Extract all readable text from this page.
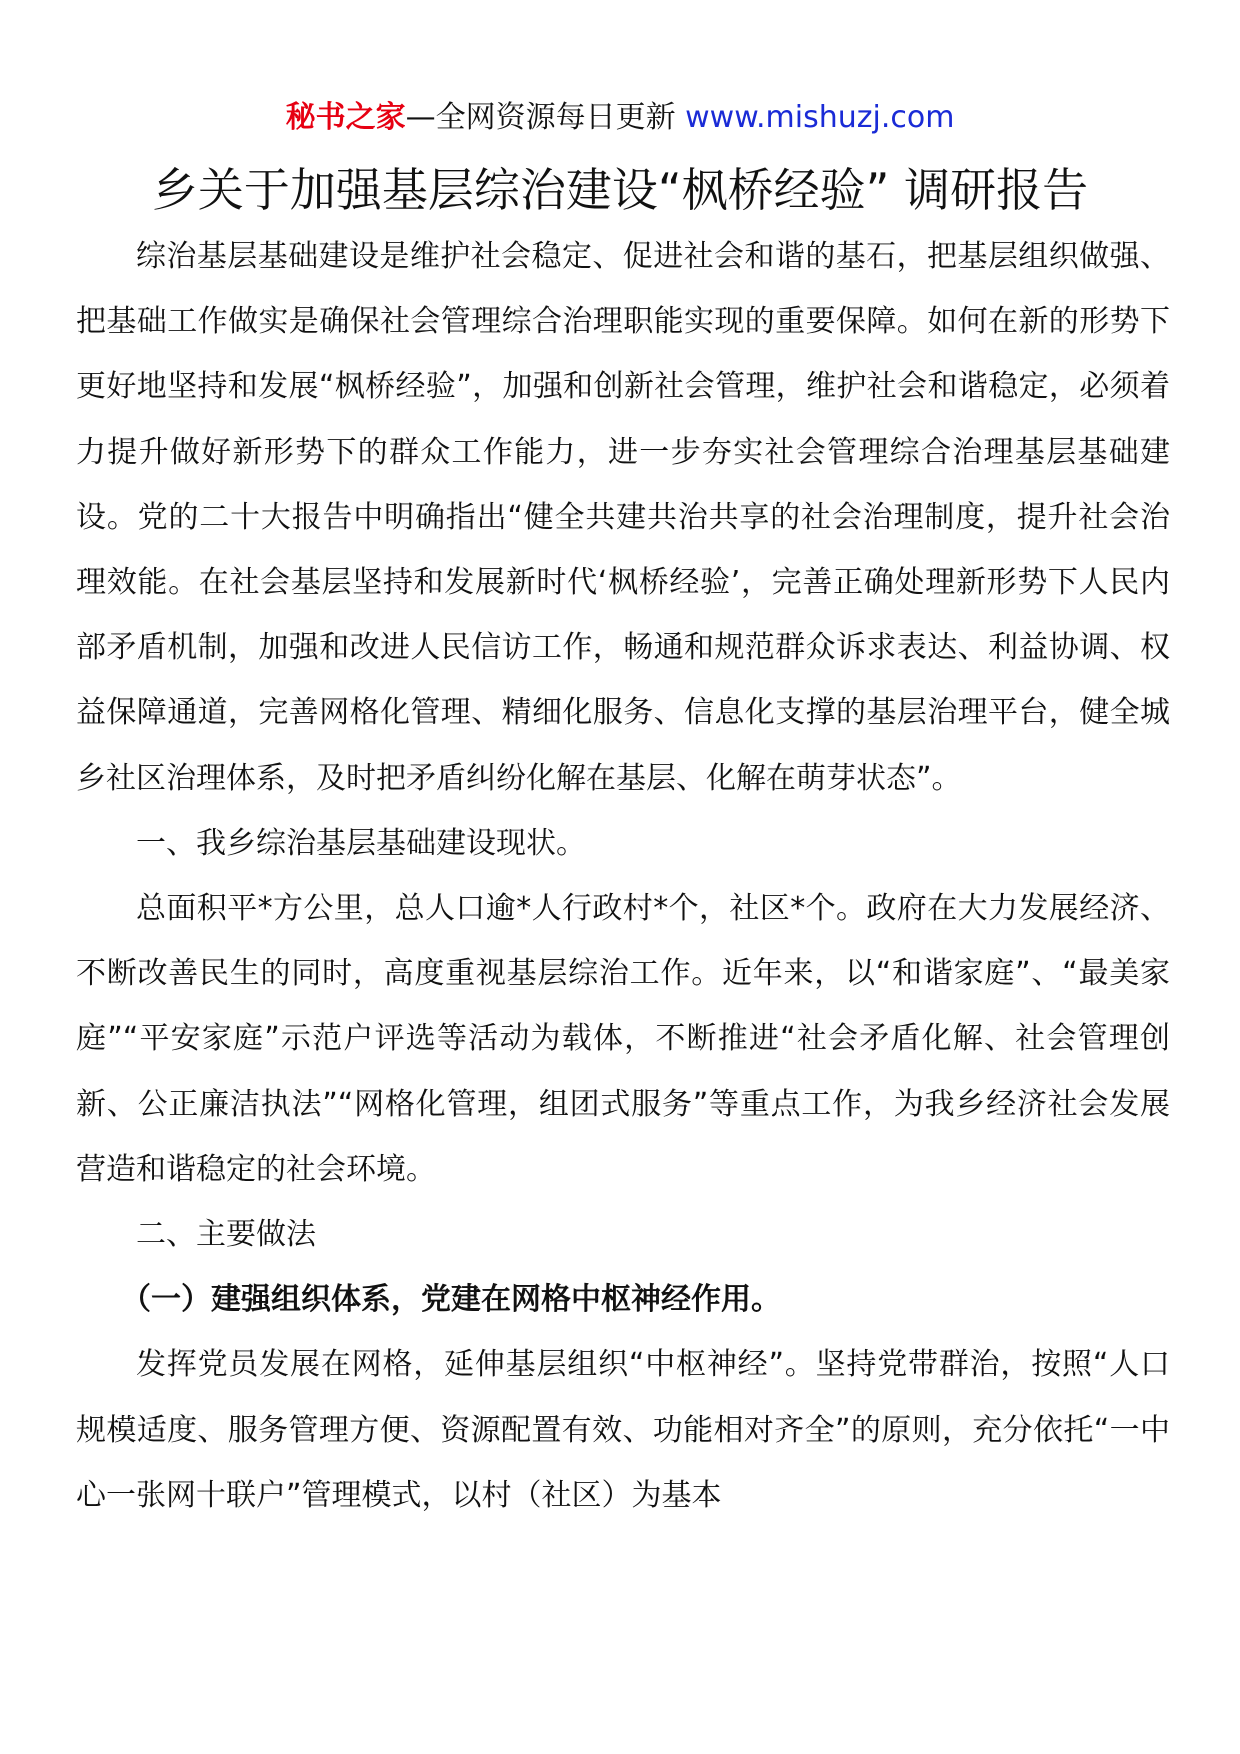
秘书之家—全网资源每日更新 www.mishuzj.com
乡关于加强基层综治建设“枫桥经验” 调研报告

综治基层基础建设是维护社会稳定、促进社会和谐的基石，把基层组织做强、把基础工作做实是确保社会管理综合治理职能实现的重要保障。如何在新的形势下更好地坚持和发展“枫桥经验”，加强和创新社会管理，维护社会和谐稳定，必须着力提升做好新形势下的群众工作能力，进一步夯实社会管理综合治理基层基础建设。党的二十大报告中明确指出“健全共建共治共享的社会治理制度，提升社会治理效能。在社会基层坚持和发展新时代‘枫桥经验’，完善正确处理新形势下人民内部矛盾机制，加强和改进人民信访工作，畅通和规范群众诉求表达、利益协调、权益保障通道，完善网格化管理、精细化服务、信息化支撑的基层治理平台，健全城乡社区治理体系，及时把矛盾纠纷化解在基层、化解在萌芽状态”。

一、我乡综治基层基础建设现状。

总面积平*方公里，总人口逾*人行政村*个，社区*个。政府在大力发展经济、不断改善民生的同时，高度重视基层综治工作。近年来，以“和谐家庭”、“最美家庭”“平安家庭”示范户评选等活动为载体，不断推进“社会矛盾化解、社会管理创新、公正廉洁执法”“网格化管理，组团式服务”等重点工作，为我乡经济社会发展营造和谐稳定的社会环境。

二、主要做法

（一）建强组织体系，党建在网格中枢神经作用。

发挥党员发展在网格，延伸基层组织“中枢神经”。坚持党带群治，按照“人口规模适度、服务管理方便、资源配置有效、功能相对齐全”的原则，充分依托“一中心一张网十联户”管理模式，以村（社区）为基本
